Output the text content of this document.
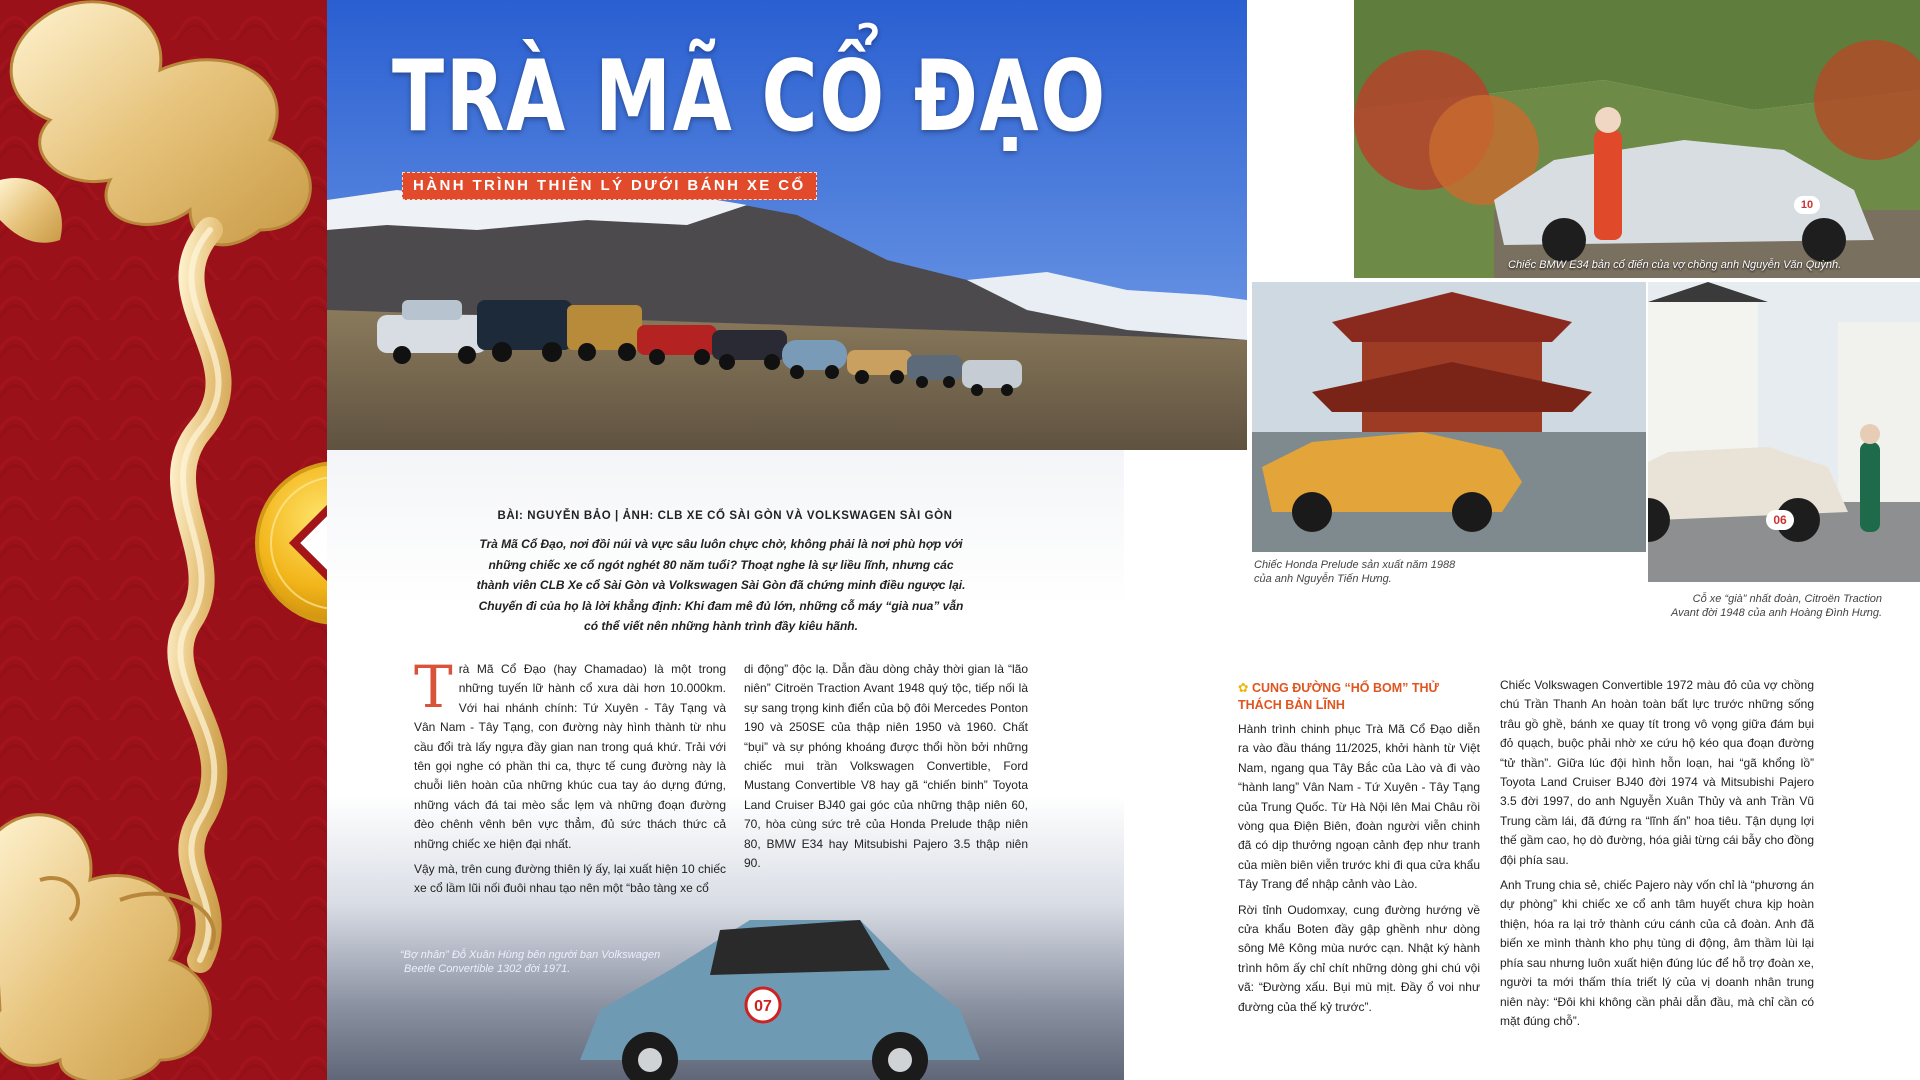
TRÀ MÃ CỔ ĐẠO
HÀNH TRÌNH THIÊN LÝ DƯỚI BÁNH XE CỔ
Chiếc BMW E34 bản cổ điển của vợ chồng anh Nguyễn Văn Quỳnh.
10
Chiếc Honda Prelude sản xuất năm 1988
của anh Nguyễn Tiến Hưng.
06
Cỗ xe “già” nhất đoàn, Citroën Traction
Avant đời 1948 của anh Hoàng Đình Hưng.
07
“Bợ nhân” Đỗ Xuân Hùng bên người bạn Volkswagen
Beetle Convertible 1302 đời 1971.
BÀI: NGUYỄN BẢO | ẢNH: CLB XE CỔ SÀI GÒN VÀ VOLKSWAGEN SÀI GÒN
Trà Mã Cổ Đạo, nơi đồi núi và vực sâu luôn chực chờ, không phải là nơi phù hợp với những chiếc xe cổ ngót nghét 80 năm tuổi? Thoạt nghe là sự liều lĩnh, nhưng các thành viên CLB Xe cổ Sài Gòn và Volkswagen Sài Gòn đã chứng minh điều ngược lại. Chuyến đi của họ là lời khẳng định: Khi đam mê đủ lớn, những cỗ máy “già nua” vẫn có thể viết nên những hành trình đầy kiêu hãnh.
T rà Mã Cổ Đạo (hay Chamadao) là một trong những tuyến lữ hành cổ xưa dài hơn 10.000km. Với hai nhánh chính: Tứ Xuyên - Tây Tạng và Vân Nam - Tây Tạng, con đường này hình thành từ nhu cầu đổi trà lấy ngựa đầy gian nan trong quá khứ. Trải với tên gọi nghe có phần thi ca, thực tế cung đường này là chuỗi liên hoàn của những khúc cua tay áo dựng đứng, những vách đá tai mèo sắc lẹm và những đoạn đường đèo chênh vênh bên vực thẳm, đủ sức thách thức cả những chiếc xe hiện đại nhất.

Vậy mà, trên cung đường thiên lý ấy, lại xuất hiện 10 chiếc xe cổ lầm lũi nối đuôi nhau tạo nên một “bảo tàng xe cổ

di động” độc lạ. Dẫn đầu dòng chảy thời gian là “lão niên” Citroën Traction Avant 1948 quý tộc, tiếp nối là sự sang trọng kinh điển của bộ đôi Mercedes Ponton 190 và 250SE của thập niên 1950 và 1960. Chất “bụi” và sự phóng khoáng được thổi hồn bởi những chiếc mui trần Volkswagen Convertible, Ford Mustang Convertible V8 hay gã “chiến binh” Toyota Land Cruiser BJ40 gai góc của những thập niên 60, 70, hòa cùng sức trẻ của Honda Prelude thập niên 80, BMW E34 hay Mitsubishi Pajero 3.5 thập niên 90.

✿ CUNG ĐƯỜNG “HỔ BOM” THỬ THÁCH BẢN LĨNH

Hành trình chinh phục Trà Mã Cổ Đạo diễn ra vào đầu tháng 11/2025, khởi hành từ Việt Nam, ngang qua Tây Bắc của Lào và đi vào “hành lang” Vân Nam - Tứ Xuyên - Tây Tạng của Trung Quốc. Từ Hà Nội lên Mai Châu rồi vòng qua Điện Biên, đoàn người viễn chinh đã có dịp thưởng ngoạn cảnh đẹp như tranh của miền biên viễn trước khi đi qua cửa khẩu Tây Trang để nhập cảnh vào Lào.

Rời tỉnh Oudomxay, cung đường hướng về cửa khẩu Boten đầy gập ghềnh như dòng sông Mê Kông mùa nước cạn. Nhật ký hành trình hôm ấy chỉ chít những dòng ghi chú vội vã: “Đường xấu. Bụi mù mịt. Đầy ổ voi như đường của thế kỷ trước”.

Chiếc Volkswagen Convertible 1972 màu đỏ của vợ chồng chú Trần Thanh An hoàn toàn bất lực trước những sống trâu gồ ghề, bánh xe quay tít trong vô vọng giữa đám bụi đỏ quạch, buộc phải nhờ xe cứu hộ kéo qua đoạn đường “tử thần”. Giữa lúc đội hình hỗn loạn, hai “gã khổng lồ” Toyota Land Cruiser BJ40 đời 1974 và Mitsubishi Pajero 3.5 đời 1997, do anh Nguyễn Xuân Thủy và anh Trần Vũ Trung cầm lái, đã đứng ra “lĩnh ấn” hoa tiêu. Tận dụng lợi thế gầm cao, họ dò đường, hóa giải từng cái bẫy cho đồng đội phía sau.

Anh Trung chia sẻ, chiếc Pajero này vốn chỉ là “phương án dự phòng” khi chiếc xe cổ anh tâm huyết chưa kịp hoàn thiện, hóa ra lại trở thành cứu cánh của cả đoàn. Anh đã biến xe mình thành kho phụ tùng di động, âm thầm lùi lại phía sau nhưng luôn xuất hiện đúng lúc để hỗ trợ đoàn xe, người ta mới thấm thía triết lý của vị doanh nhân trung niên này: “Đôi khi không cần phải dẫn đầu, mà chỉ cần có mặt đúng chỗ”.
